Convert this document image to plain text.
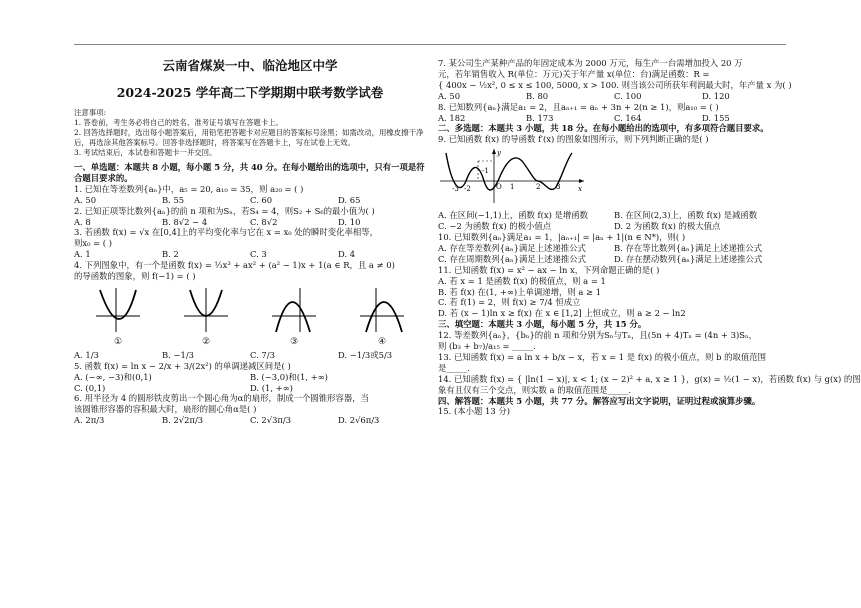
云南省煤炭一中、临沧地区中学
2024-2025 学年高二下学期期中联考数学试卷
注意事项:
1. 答卷前，考生务必将自己的姓名、准考证号填写在答题卡上。
2. 回答选择题时，选出每小题答案后，用铅笔把答题卡对应题目的答案标号涂黑；如需改动，用橡皮擦干净后，再选涂其他答案标号。回答非选择题时，将答案写在答题卡上，写在试卷上无效。
3. 考试结束后，本试卷和答题卡一并交回。
一、单选题：本题共 8 小题，每小题 5 分，共 40 分。在每小题给出的选项中，只有一项是符合题目要求的。
1. 已知在等差数列{aₙ}中，a₅ = 20, a₁₀ = 35，则 a₂₀ = ( )
A. 50	B. 55	C. 60	D. 65
2. 已知正项等比数列{aₙ}的前 n 项和为Sₙ，若S₄ = 4，则S₂ + S₆的最小值为( )
A. 8	B. 8√2 − 4	C. 8√2	D. 10
3. 若函数 f(x) = √x 在[0,4]上的平均变化率与它在 x = x₀ 处的瞬时变化率相等，
则x₀ = ( )
A. 1	B. 2	C. 3	D. 4
4. 下列图象中，有一个是函数 f(x) = ⅓x³ + ax² + (a² − 1)x + 1(a ∈ R，且 a ≠ 0)
的导函数的图象，则 f(−1) = ( )
①	②	③	④
A. 1/3	B. −1/3	C. 7/3	D. −1/3或5/3
5. 函数 f(x) = ln x − 2/x + 3/(2x²) 的单调递减区间是( )
A. (−∞, −3)和(0,1)	B. (−3,0)和(1, +∞)
C. (0,1)	D. (1, +∞)
6. 用半径为 4 的圆形铁皮剪出一个圆心角为α的扇形，制成一个圆锥形容器，当
该圆锥形容器的容积最大时，扇形的圆心角α是( )
A. 2π/3	B. 2√2π/3	C. 2√3π/3	D. 2√6π/3
7. 某公司生产某种产品的年固定成本为 2000 万元，每生产一台需增加投入 20 万
元，若年销售收入 R(单位：万元)关于年产量 x(单位：台)满足函数：R =
{ 400x − ½x², 0 ≤ x ≤ 100, 5000, x > 100. 则当该公司所获年利润最大时，年产量 x 为( )
A. 50	B. 80	C. 100	D. 120
8. 已知数列{aₙ}满足a₁ = 2，且aₙ₊₁ = aₙ + 3n + 2(n ≥ 1)，则a₁₀ = ( )
A. 182	B. 173	C. 164	D. 155
二、多选题：本题共 3 小题，共 18 分。在每小题给出的选项中，有多项符合题目要求。
9. 已知函数 f(x) 的导函数 f′(x) 的图象如图所示，则下列判断正确的是( )
-3 -2
-1
O 1	2 3	x
y
A. 在区间(−1,1)上，函数 f(x) 是增函数	B. 在区间(2,3)上，函数 f(x) 是减函数
C. −2 为函数 f(x) 的极小值点	D. 2 为函数 f(x) 的极大值点
10. 已知数列{aₙ}满足a₁ = 1，|aₙ₊₁| = |aₙ + 1|(n ∈ N*)，则( )
A. 存在等差数列{aₙ}满足上述递推公式	B. 存在等比数列{aₙ}满足上述递推公式
C. 存在周期数列{aₙ}满足上述递推公式	D. 存在摆动数列{aₙ}满足上述递推公式
11. 已知函数 f(x) = x² − ax − ln x，下列命题正确的是( )
A. 若 x = 1 是函数 f(x) 的极值点，则 a = 1
B. 若 f(x) 在(1, +∞)上单调递增，则 a ≥ 1
C. 若 f(1) = 2，则 f(x) ≥ 7/4 恒成立
D. 若 (x − 1)ln x ≥ f(x) 在 x ∈ [1,2] 上恒成立，则 a ≥ 2 − ln2
三、填空题：本题共 3 小题，每小题 5 分，共 15 分。
12. 等差数列{aₙ}，{bₙ}的前 n 项和分别为Sₙ与Tₙ，且(5n + 4)Tₙ = (4n + 3)Sₙ，
则 (b₃ + b₇)/a₁₅ = _____.
13. 已知函数 f(x) = a ln x + b/x − x，若 x = 1 是 f(x) 的极小值点，则 b 的取值范围
是_____.
14. 已知函数 f(x) = { |ln(1 − x)|, x < 1; (x − 2)² + a, x ≥ 1 }，g(x) = ½(1 − x)，若函数 f(x) 与 g(x) 的图
象有且仅有三个交点，则实数 a 的取值范围是_____.
四、解答题：本题共 5 小题，共 77 分。解答应写出文字说明，证明过程或演算步骤。
15. (本小题 13 分)
